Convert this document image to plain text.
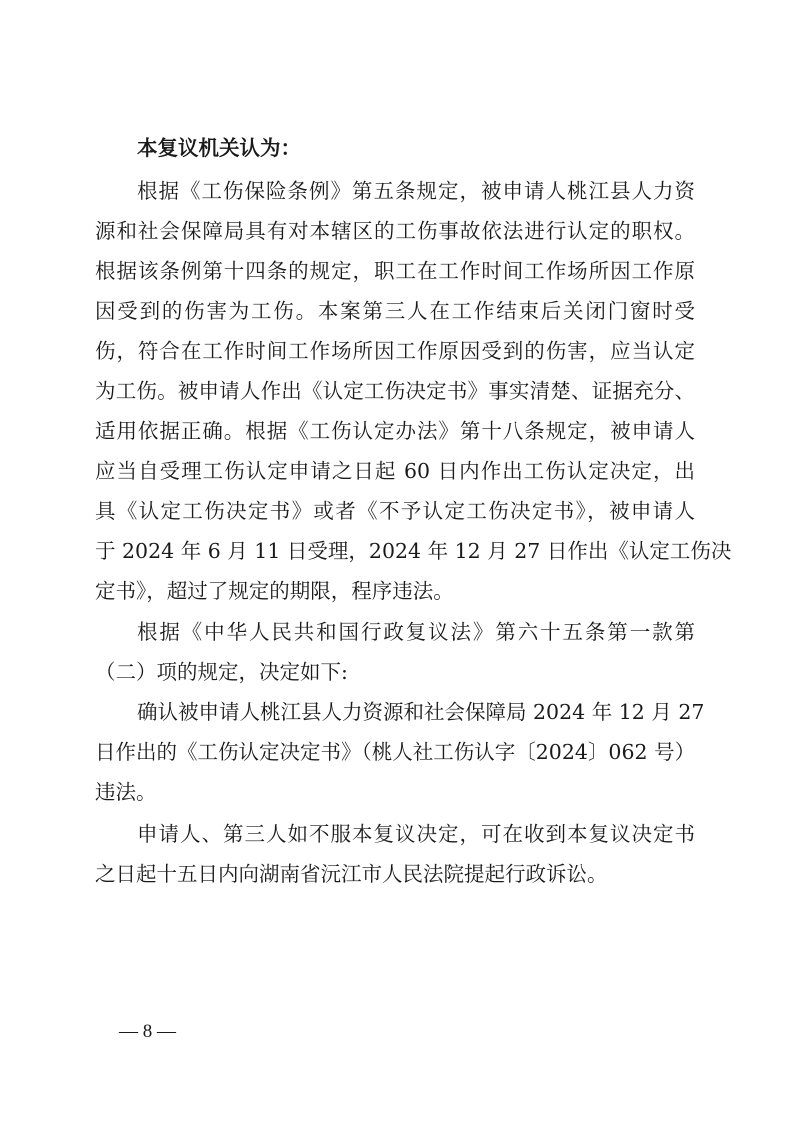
本复议机关认为：
根据《工伤保险条例》第五条规定，被申请人桃江县人力资
源和社会保障局具有对本辖区的工伤事故依法进行认定的职权。
根据该条例第十四条的规定，职工在工作时间工作场所因工作原
因受到的伤害为工伤。本案第三人在工作结束后关闭门窗时受
伤，符合在工作时间工作场所因工作原因受到的伤害，应当认定
为工伤。被申请人作出《认定工伤决定书》事实清楚、证据充分、
适用依据正确。根据《工伤认定办法》第十八条规定，被申请人
应当自受理工伤认定申请之日起 60 日内作出工伤认定决定，出
具《认定工伤决定书》或者《不予认定工伤决定书》，被申请人
于 2024 年 6 月 11 日受理，2024 年 12 月 27 日作出《认定工伤决
定书》，超过了规定的期限，程序违法。
根据《中华人民共和国行政复议法》第六十五条第一款第
（二）项的规定，决定如下:
确认被申请人桃江县人力资源和社会保障局 2024 年 12 月 27
日作出的《工伤认定决定书》（桃人社工伤认字〔2024〕062 号）
违法。
申请人、第三人如不服本复议决定，可在收到本复议决定书
之日起十五日内向湖南省沅江市人民法院提起行政诉讼。
— 8 —
